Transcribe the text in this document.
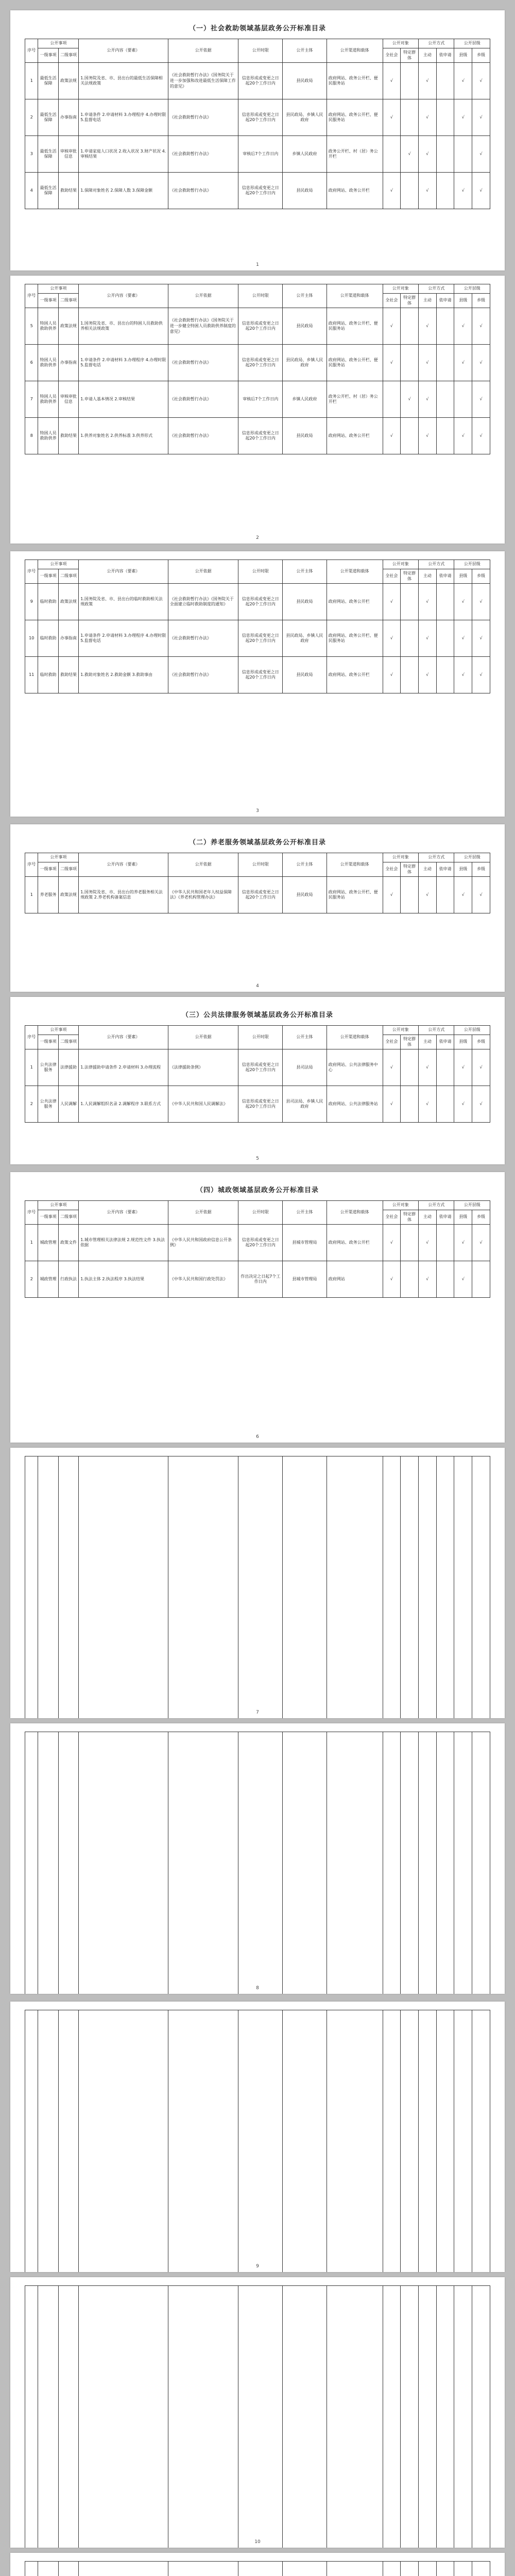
（一）社会救助领域基层政务公开标准目录
序号	公开事项		公开内容（要素）	公开依据	公开时限	公开主体	公开渠道和载体	公开对象		公开方式		公开层级	
	一级事项	二级事项						全社会	特定群体	主动	依申请	县级	乡级
1	最低生活保障	政策法规	1.国务院及省、市、县出台的最低生活保障相关法规政策	《社会救助暂行办法》《国务院关于进一步加强和改进最低生活保障工作的意见》	信息形成或变更之日起20个工作日内	县民政局	政府网站、政务公开栏、便民服务站	√		√		√	√
2	最低生活保障	办事指南	1.申请条件 2.申请材料 3.办理程序 4.办理时限 5.监督电话	《社会救助暂行办法》	信息形成或变更之日起20个工作日内	县民政局、乡镇人民政府	政府网站、政务公开栏、便民服务站	√		√		√	√
3	最低生活保障	审核审批信息	1.申请家庭人口状况 2.收入状况 3.财产状况 4.审核结果	《社会救助暂行办法》	审核后7个工作日内	乡镇人民政府	政务公开栏、村（居）务公开栏		√	√			√
4	最低生活保障	救助结果	1.保障对象姓名 2.保障人数 3.保障金额	《社会救助暂行办法》	信息形成或变更之日起20个工作日内	县民政局	政府网站、政务公开栏	√		√		√	√
1
序号	公开事项		公开内容（要素）	公开依据	公开时限	公开主体	公开渠道和载体	公开对象		公开方式		公开层级	
	一级事项	二级事项						全社会	特定群体	主动	依申请	县级	乡级
5	特困人员救助供养	政策法规	1.国务院及省、市、县出台的特困人员救助供养相关法规政策	《社会救助暂行办法》《国务院关于进一步健全特困人员救助供养制度的意见》	信息形成或变更之日起20个工作日内	县民政局	政府网站、政务公开栏、便民服务站	√		√		√	√
6	特困人员救助供养	办事指南	1.申请条件 2.申请材料 3.办理程序 4.办理时限 5.监督电话	《社会救助暂行办法》	信息形成或变更之日起20个工作日内	县民政局、乡镇人民政府	政府网站、政务公开栏、便民服务站	√		√		√	√
7	特困人员救助供养	审核审批信息	1.申请人基本情况 2.审核结果	《社会救助暂行办法》	审核后7个工作日内	乡镇人民政府	政务公开栏、村（居）务公开栏		√	√			√
8	特困人员救助供养	救助结果	1.供养对象姓名 2.供养标准 3.供养形式	《社会救助暂行办法》	信息形成或变更之日起20个工作日内	县民政局	政府网站、政务公开栏	√		√		√	√
2
序号	公开事项		公开内容（要素）	公开依据	公开时限	公开主体	公开渠道和载体	公开对象		公开方式		公开层级	
	一级事项	二级事项						全社会	特定群体	主动	依申请	县级	乡级
9	临时救助	政策法规	1.国务院及省、市、县出台的临时救助相关法规政策	《社会救助暂行办法》《国务院关于全面建立临时救助制度的通知》	信息形成或变更之日起20个工作日内	县民政局	政府网站、政务公开栏	√		√		√	√
10	临时救助	办事指南	1.申请条件 2.申请材料 3.办理程序 4.办理时限 5.监督电话	《社会救助暂行办法》	信息形成或变更之日起20个工作日内	县民政局、乡镇人民政府	政府网站、政务公开栏、便民服务站	√		√		√	√
11	临时救助	救助结果	1.救助对象姓名 2.救助金额 3.救助事由	《社会救助暂行办法》	信息形成或变更之日起20个工作日内	县民政局	政府网站、政务公开栏	√		√		√	√
3
（二）养老服务领域基层政务公开标准目录
序号	公开事项		公开内容（要素）	公开依据	公开时限	公开主体	公开渠道和载体	公开对象		公开方式		公开层级	
	一级事项	二级事项						全社会	特定群体	主动	依申请	县级	乡级
1	养老服务	政策法规	1.国务院及省、市、县出台的养老服务相关法规政策 2.养老机构备案信息	《中华人民共和国老年人权益保障法》《养老机构管理办法》	信息形成或变更之日起20个工作日内	县民政局	政府网站、政务公开栏、便民服务站	√		√		√	√
4
（三）公共法律服务领域基层政务公开标准目录
序号	公开事项		公开内容（要素）	公开依据	公开时限	公开主体	公开渠道和载体	公开对象		公开方式		公开层级	
	一级事项	二级事项						全社会	特定群体	主动	依申请	县级	乡级
1	公共法律服务	法律援助	1.法律援助申请条件 2.申请材料 3.办理流程	《法律援助条例》	信息形成或变更之日起20个工作日内	县司法局	政府网站、公共法律服务中心	√		√		√	√
2	公共法律服务	人民调解	1.人民调解组织名录 2.调解程序 3.联系方式	《中华人民共和国人民调解法》	信息形成或变更之日起20个工作日内	县司法局、乡镇人民政府	政府网站、公共法律服务站	√		√		√	√
5
（四）城政领域基层政务公开标准目录
序号	公开事项		公开内容（要素）	公开依据	公开时限	公开主体	公开渠道和载体	公开对象		公开方式		公开层级	
	一级事项	二级事项						全社会	特定群体	主动	依申请	县级	乡级
1	城政管理	政策文件	1.城市管理相关法律法规 2.规范性文件 3.执法依据	《中华人民共和国政府信息公开条例》	信息形成或变更之日起20个工作日内	县城市管理局	政府网站、政务公开栏	√		√		√	√
2	城政管理	行政执法	1.执法主体 2.执法程序 3.执法结果	《中华人民共和国行政处罚法》	作出决定之日起7个工作日内	县城市管理局	政府网站	√		√		√	
6

7

8

9

10
